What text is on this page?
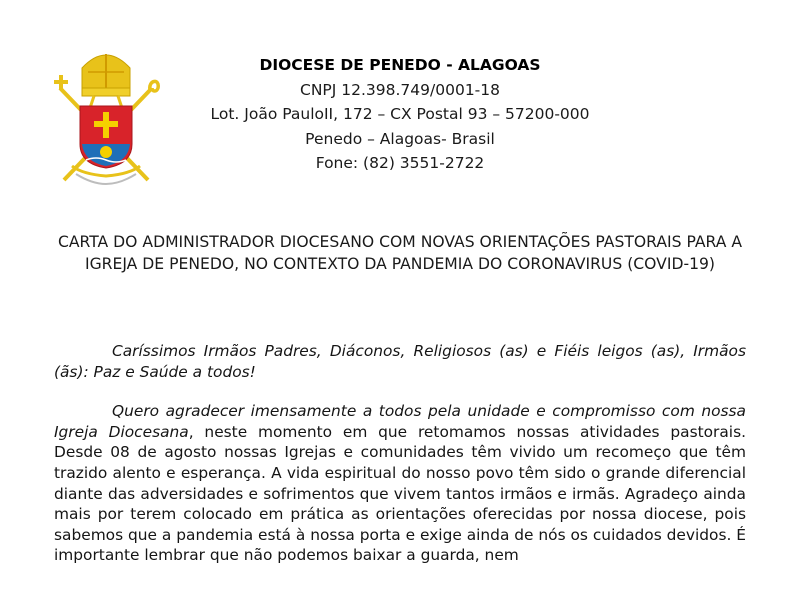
DIOCESE DE PENEDO - ALAGOAS
CNPJ 12.398.749/0001-18
Lot. João PauloII, 172 – CX Postal 93 – 57200-000
Penedo – Alagoas- Brasil
Fone: (82) 3551-2722
CARTA DO ADMINISTRADOR DIOCESANO COM NOVAS ORIENTAÇÕES PASTORAIS PARA A IGREJA DE PENEDO, NO CONTEXTO DA PANDEMIA DO CORONAVIRUS (COVID-19)

Caríssimos Irmãos Padres, Diáconos, Religiosos (as) e Fiéis leigos (as), Irmãos (ãs): Paz e Saúde a todos!

Quero agradecer imensamente a todos pela unidade e compromisso com nossa Igreja Diocesana, neste momento em que retomamos nossas atividades pastorais. Desde 08 de agosto nossas Igrejas e comunidades têm vivido um recomeço que têm trazido alento e esperança. A vida espiritual do nosso povo têm sido o grande diferencial diante das adversidades e sofrimentos que vivem tantos irmãos e irmãs. Agradeço ainda mais por terem colocado em prática as orientações oferecidas por nossa diocese, pois sabemos que a pandemia está à nossa porta e exige ainda de nós os cuidados devidos. É importante lembrar que não podemos baixar a guarda, nem
